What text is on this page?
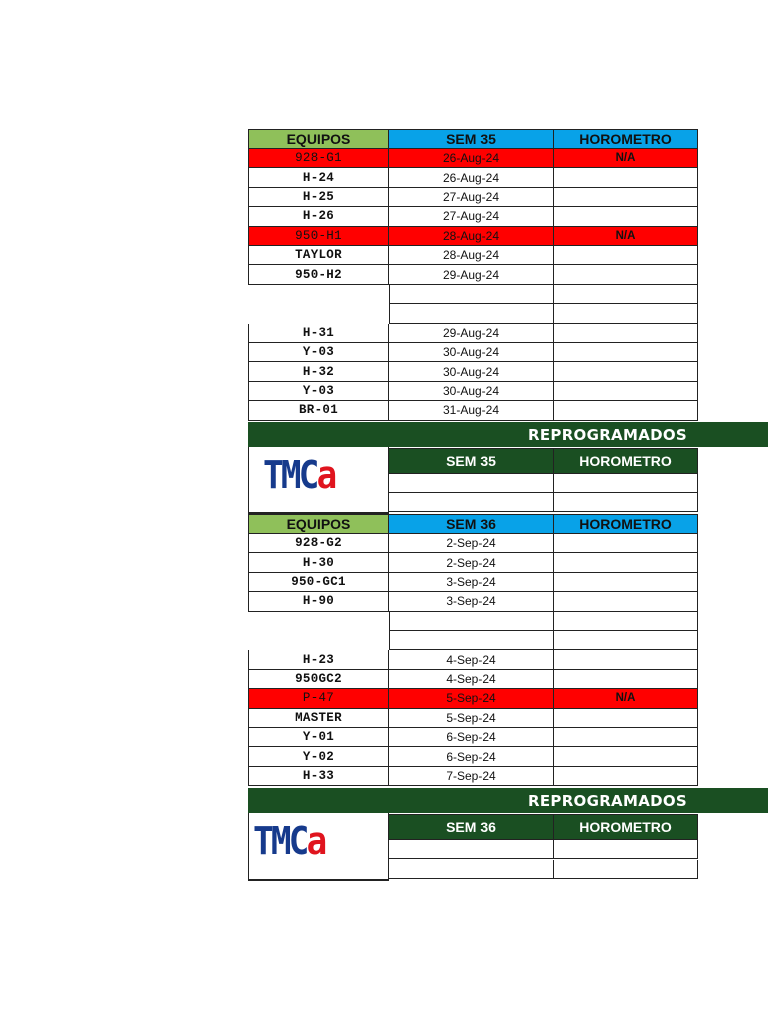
EQUIPOS	SEM 35	HOROMETRO
928-G1	26-Aug-24	N/A
H-24	26-Aug-24
H-25	27-Aug-24
H-26	27-Aug-24
950-H1	28-Aug-24	N/A
TAYLOR	28-Aug-24
950-H2	29-Aug-24
H-31	29-Aug-24
Y-03	30-Aug-24
H-32	30-Aug-24
Y-03	30-Aug-24
BR-01	31-Aug-24
REPROGRAMADOS
TMCa	SEM 35	HOROMETRO
EQUIPOS	SEM 36	HOROMETRO
928-G2	2-Sep-24
H-30	2-Sep-24
950-GC1	3-Sep-24
H-90	3-Sep-24
H-23	4-Sep-24
950GC2	4-Sep-24
P-47	5-Sep-24	N/A
MASTER	5-Sep-24
Y-01	6-Sep-24
Y-02	6-Sep-24
H-33	7-Sep-24
REPROGRAMADOS
TMCa	SEM 36	HOROMETRO
